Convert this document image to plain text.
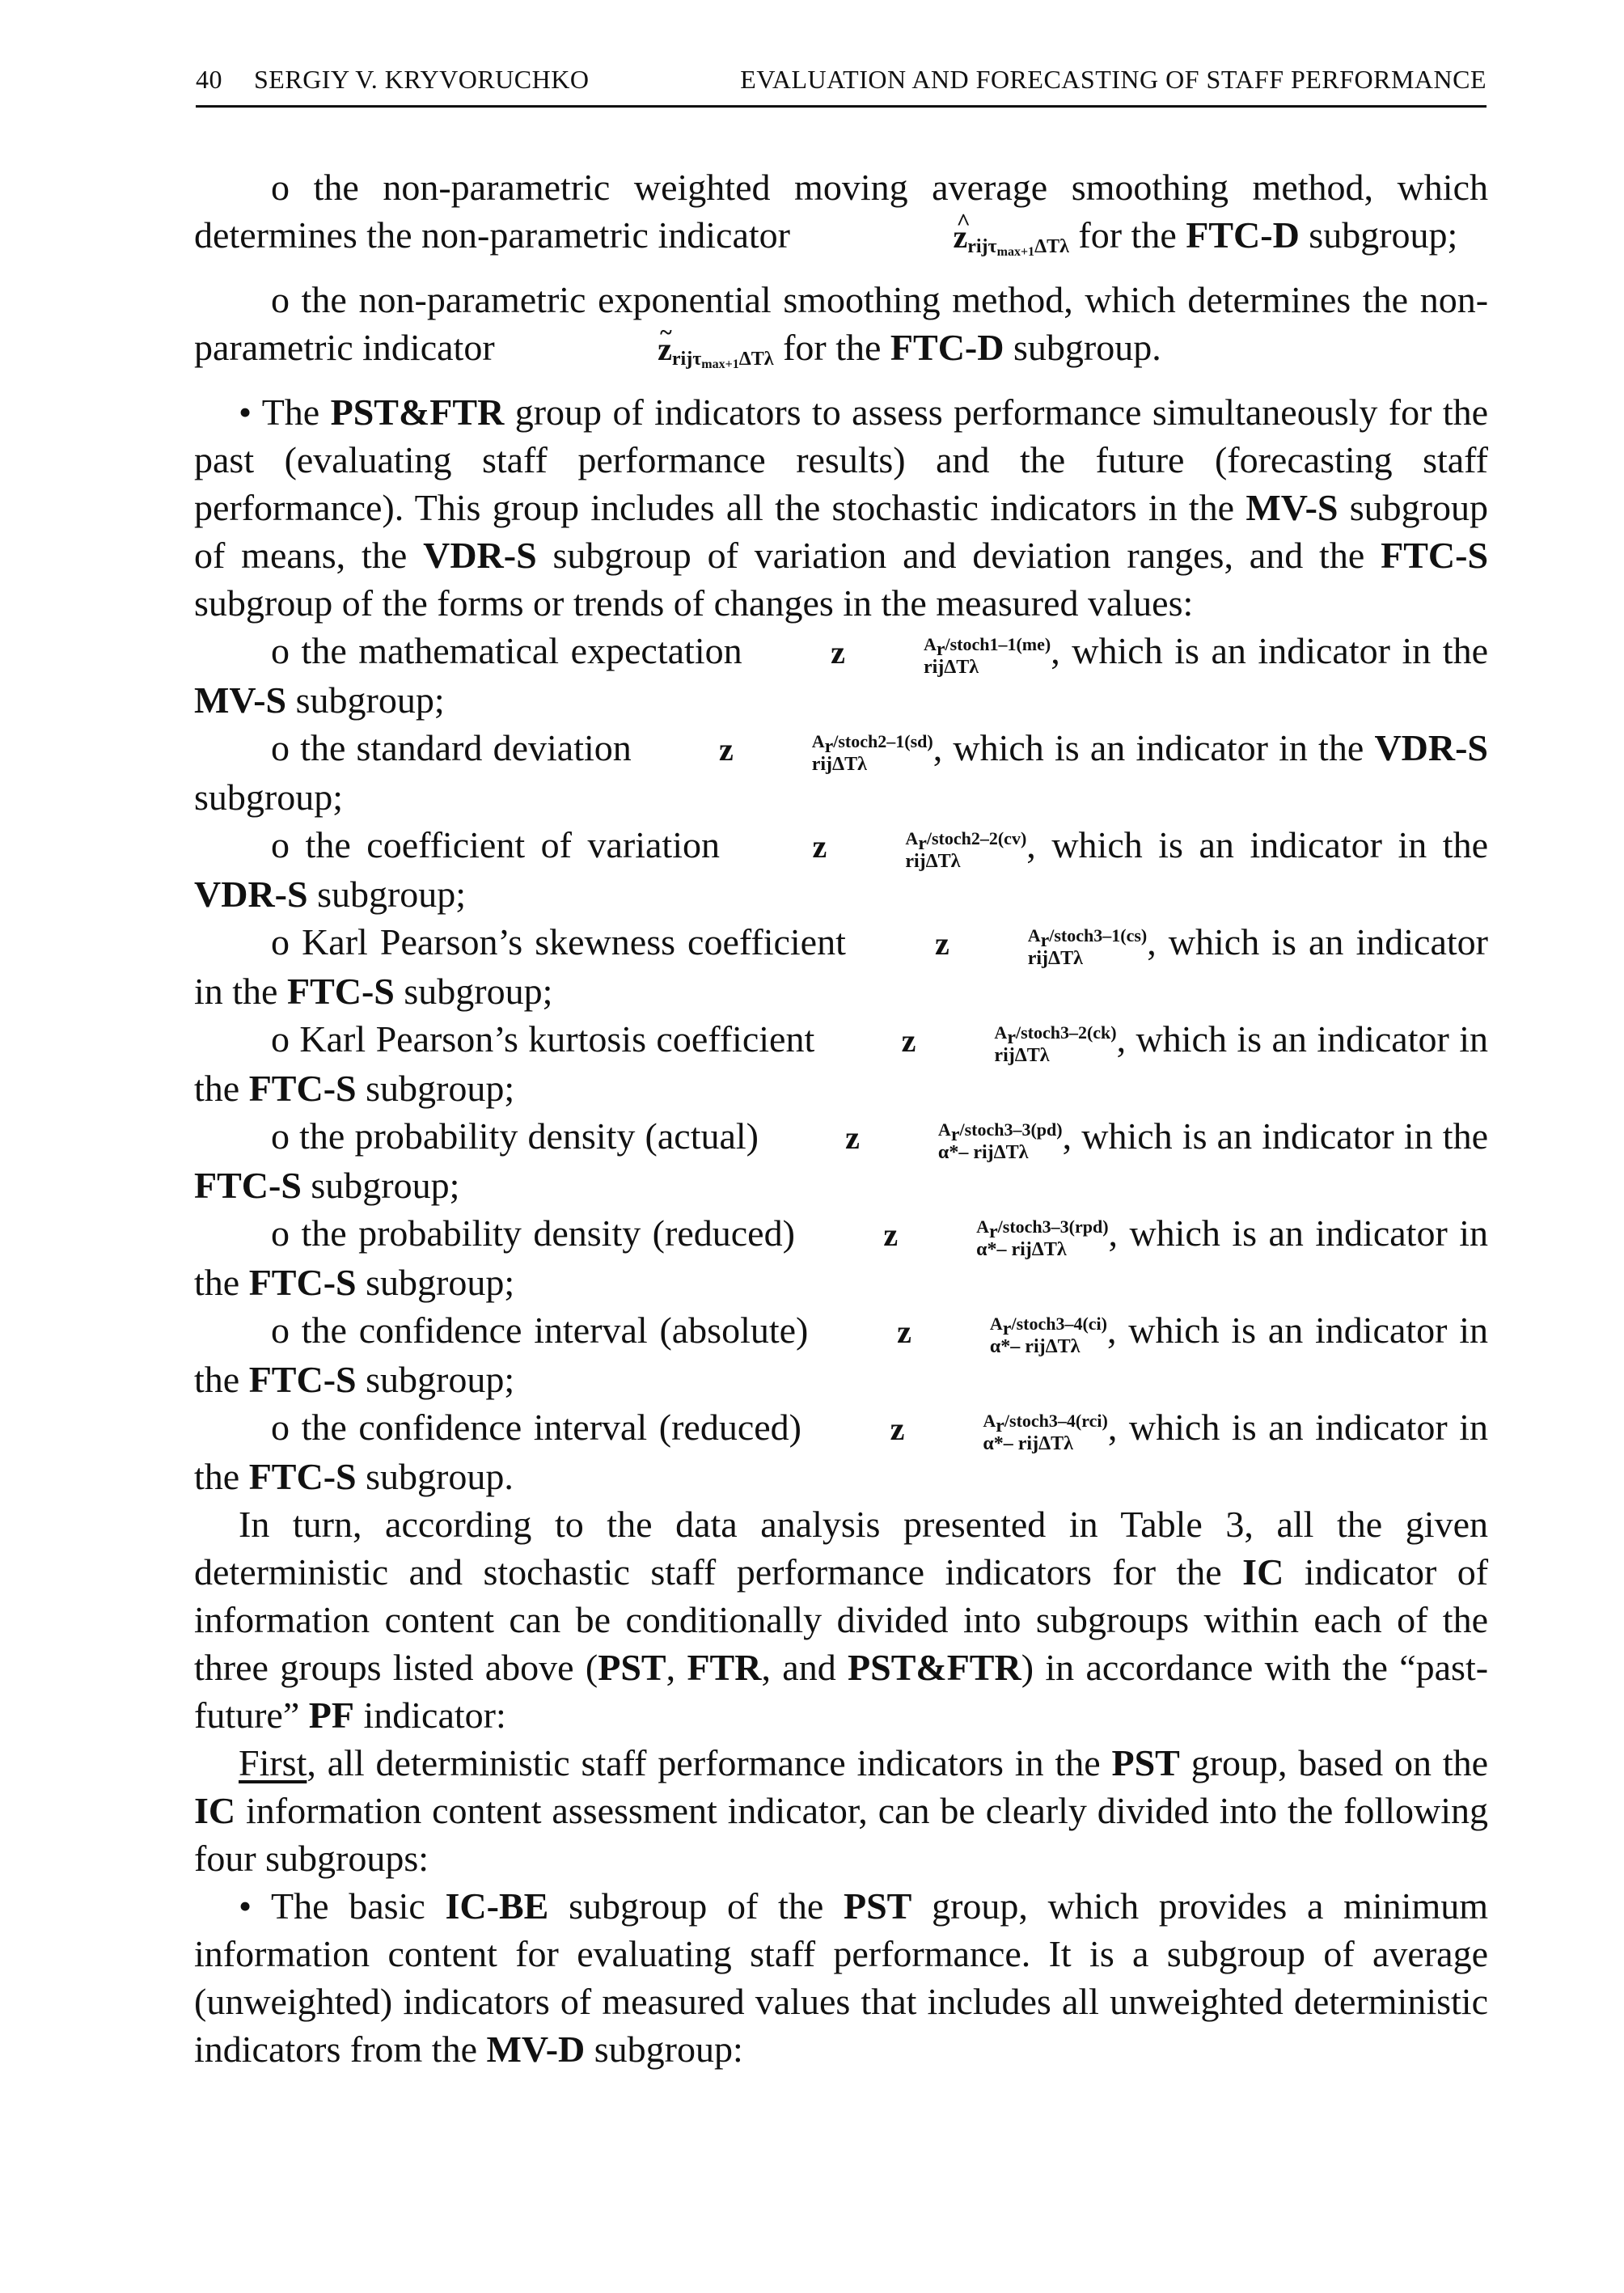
40 SERGIY V. KRYVORUCHKO	EVALUATION AND FORECASTING OF STAFF PERFORMANCE

o the non-parametric weighted moving average smoothing method, which determines the non-parametric indicator	^ $z_{rij\tau_{max+1}\Delta T\lambda}$ for the FTC-D subgroup;

o the non-parametric exponential smoothing method, which determines the non-parametric indicator	~ $z_{rij\tau_{max+1}\Delta T\lambda}$ for the FTC-D subgroup.

• The PST&FTR group of indicators to assess performance simultaneously for the past (evaluating staff performance results) and the future (forecasting staff performance). This group includes all the stochastic indicators in the MV-S subgroup of means, the VDR-S subgroup of variation and deviation ranges, and the FTC-S subgroup of the forms or trends of changes in the measured values:

o the mathematical expectation	z	$A_r/stoch1-1(me)$
rijΔTλ	, which is an indicator in the MV-S subgroup;

o the standard deviation	z	$A_r/stoch2-1(sd)$
rijΔTλ	, which is an indicator in the VDR-S subgroup;

o the coefficient of variation	z	$A_r/stoch2-2(cv)$
rijΔTλ	, which is an indicator in the VDR-S subgroup;

o Karl Pearson’s skewness coefficient	z	$A_r/stoch3-1(cs)$
rijΔTλ	, which is an indicator in the FTC-S subgroup;

o Karl Pearson’s kurtosis coefficient	z	$A_r/stoch3-2(ck)$
rijΔTλ	, which is an indicator in the FTC-S subgroup;

o the probability density (actual)	z	$A_r/stoch3-3(pd)$
α*– rijΔTλ , which is an indicator in the FTC-S subgroup;

o the probability density (reduced)	z	$A_r/stoch3-3(rpd)$
α*– rijΔTλ	, which is an indicator in the FTC-S subgroup;

o the confidence interval (absolute)	z	$A_r/stoch3-4(ci)$
α*– rijΔTλ , which is an indicator in the FTC-S subgroup;

o the confidence interval (reduced)	z	$A_r/stoch3-4(rci)$
α*– rijΔTλ , which is an indicator in the FTC-S subgroup.

In turn, according to the data analysis presented in Table 3, all the given deterministic and stochastic staff performance indicators for the IC indicator of information content can be conditionally divided into subgroups within each of the three groups listed above (PST, FTR, and PST&FTR) in accordance with the “past-future” PF indicator:

First, all deterministic staff performance indicators in the PST group, based on the IC information content assessment indicator, can be clearly divided into the following four subgroups:

• The basic IC-BE subgroup of the PST group, which provides a minimum information content for evaluating staff performance. It is a subgroup of average (unweighted) indicators of measured values that includes all unweighted deterministic indicators from the MV-D subgroup:
